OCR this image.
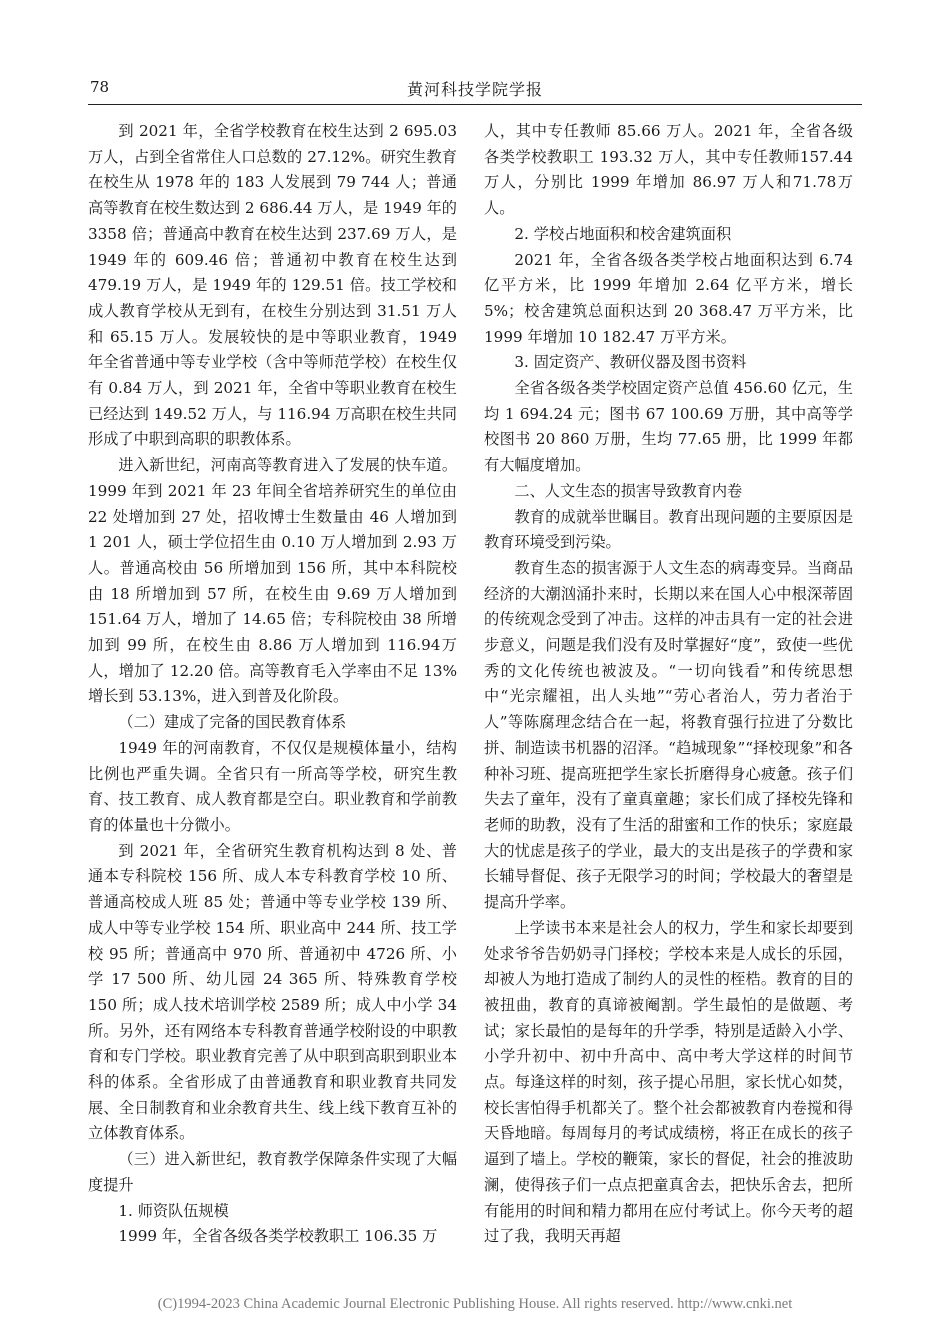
78	黄河科技学院学报

到 2021 年，全省学校教育在校生达到 2 695.03 万人，占到全省常住人口总数的 27.12%。研究生教育在校生从 1978 年的 183 人发展到 79 744 人；普通高等教育在校生数达到 2 686.44 万人，是 1949 年的 3358 倍；普通高中教育在校生达到 237.69 万人，是 1949 年的 609.46 倍；普通初中教育在校生达到 479.19 万人，是 1949 年的 129.51 倍。技工学校和成人教育学校从无到有，在校生分别达到 31.51 万人和 65.15 万人。发展较快的是中等职业教育，1949 年全省普通中等专业学校（含中等师范学校）在校生仅有 0.84 万人，到 2021 年，全省中等职业教育在校生已经达到 149.52 万人，与 116.94 万高职在校生共同形成了中职到高职的职教体系。

进入新世纪，河南高等教育进入了发展的快车道。1999 年到 2021 年 23 年间全省培养研究生的单位由 22 处增加到 27 处，招收博士生数量由 46 人增加到 1 201 人，硕士学位招生由 0.10 万人增加到 2.93 万人。普通高校由 56 所增加到 156 所，其中本科院校由 18 所增加到 57 所，在校生由 9.69 万人增加到 151.64 万人，增加了 14.65 倍；专科院校由 38 所增加到 99 所，在校生由 8.86 万人增加到 116.94万人，增加了 12.20 倍。高等教育毛入学率由不足 13% 增长到 53.13%，进入到普及化阶段。

（二）建成了完备的国民教育体系

1949 年的河南教育，不仅仅是规模体量小，结构比例也严重失调。全省只有一所高等学校，研究生教育、技工教育、成人教育都是空白。职业教育和学前教育的体量也十分微小。

到 2021 年，全省研究生教育机构达到 8 处、普通本专科院校 156 所、成人本专科教育学校 10 所、普通高校成人班 85 处；普通中等专业学校 139 所、成人中等专业学校 154 所、职业高中 244 所、技工学校 95 所；普通高中 970 所、普通初中 4726 所、小学 17 500 所、幼儿园 24 365 所、特殊教育学校 150 所；成人技术培训学校 2589 所；成人中小学 34 所。另外，还有网络本专科教育普通学校附设的中职教育和专门学校。职业教育完善了从中职到高职到职业本科的体系。全省形成了由普通教育和职业教育共同发展、全日制教育和业余教育共生、线上线下教育互补的立体教育体系。

（三）进入新世纪，教育教学保障条件实现了大幅度提升

1. 师资队伍规模

1999 年，全省各级各类学校教职工 106.35 万

人，其中专任教师 85.66 万人。2021 年，全省各级各类学校教职工 193.32 万人，其中专任教师157.44 万人，分别比 1999 年增加 86.97 万人和71.78万人。

2. 学校占地面积和校舍建筑面积

2021 年，全省各级各类学校占地面积达到 6.74 亿平方米，比 1999 年增加 2.64 亿平方米，增长 5%；校舍建筑总面积达到 20 368.47 万平方米，比 1999 年增加 10 182.47 万平方米。

3. 固定资产、教研仪器及图书资料

全省各级各类学校固定资产总值 456.60 亿元，生均 1 694.24 元；图书 67 100.69 万册，其中高等学校图书 20 860 万册，生均 77.65 册，比 1999 年都有大幅度增加。

二、人文生态的损害导致教育内卷

教育的成就举世瞩目。教育出现问题的主要原因是教育环境受到污染。

教育生态的损害源于人文生态的病毒变异。当商品经济的大潮汹涌扑来时，长期以来在国人心中根深蒂固的传统观念受到了冲击。这样的冲击具有一定的社会进步意义，问题是我们没有及时掌握好“度”，致使一些优秀的文化传统也被波及。“一切向钱看”和传统思想中“光宗耀祖，出人头地”“劳心者治人，劳力者治于人”等陈腐理念结合在一起，将教育强行拉进了分数比拼、制造读书机器的沼泽。“趋城现象”“择校现象”和各种补习班、提高班把学生家长折磨得身心疲惫。孩子们失去了童年，没有了童真童趣；家长们成了择校先锋和老师的助教，没有了生活的甜蜜和工作的快乐；家庭最大的忧虑是孩子的学业，最大的支出是孩子的学费和家长辅导督促、孩子无限学习的时间；学校最大的奢望是提高升学率。

上学读书本来是社会人的权力，学生和家长却要到处求爷爷告奶奶寻门择校；学校本来是人成长的乐园，却被人为地打造成了制约人的灵性的桎梏。教育的目的被扭曲，教育的真谛被阉割。学生最怕的是做题、考试；家长最怕的是每年的升学季，特别是适龄入小学、小学升初中、初中升高中、高中考大学这样的时间节点。每逢这样的时刻，孩子提心吊胆，家长忧心如焚，校长害怕得手机都关了。整个社会都被教育内卷搅和得天昏地暗。每周每月的考试成绩榜，将正在成长的孩子逼到了墙上。学校的鞭策，家长的督促，社会的推波助澜，使得孩子们一点点把童真舍去，把快乐舍去，把所有能用的时间和精力都用在应付考试上。你今天考的超过了我，我明天再超

(C)1994-2023 China Academic Journal Electronic Publishing House. All rights reserved. http://www.cnki.net
